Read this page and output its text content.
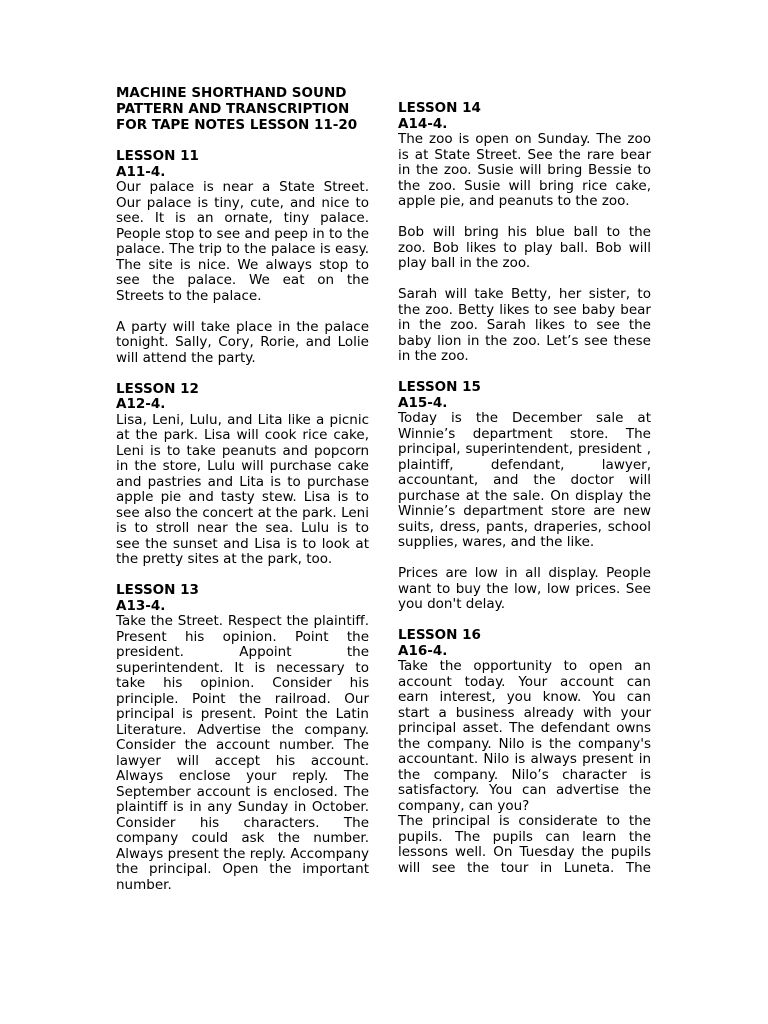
MACHINE SHORTHAND SOUND PATTERN AND TRANSCRIPTION FOR TAPE NOTES LESSON 11-20
LESSON 11
A11-4.

Our palace is near a State Street. Our palace is tiny, cute, and nice to see. It is an ornate, tiny palace. People stop to see and peep in to the palace. The trip to the palace is easy. The site is nice. We always stop to see the palace. We eat on the Streets to the palace.

A party will take place in the palace tonight. Sally, Cory, Rorie, and Lolie will attend the party.

LESSON 12
A12-4.

Lisa, Leni, Lulu, and Lita like a picnic at the park. Lisa will cook rice cake, Leni is to take peanuts and popcorn in the store, Lulu will purchase cake and pastries and Lita is to purchase apple pie and tasty stew. Lisa is to see also the concert at the park. Leni is to stroll near the sea. Lulu is to see the sunset and Lisa is to look at the pretty sites at the park, too.

LESSON 13
A13-4.

Take the Street. Respect the plaintiff. Present his opinion. Point the president. Appoint the superintendent. It is necessary to take his opinion. Consider his principle. Point the railroad. Our principal is present. Point the Latin Literature. Advertise the company. Consider the account number. The lawyer will accept his account. Always enclose your reply. The September account is enclosed. The plaintiff is in any Sunday in October. Consider his characters. The company could ask the number. Always present the reply. Accompany the principal. Open the important number.

LESSON 14
A14-4.

The zoo is open on Sunday. The zoo is at State Street. See the rare bear in the zoo. Susie will bring Bessie to the zoo. Susie will bring rice cake, apple pie, and peanuts to the zoo.

Bob will bring his blue ball to the zoo. Bob likes to play ball. Bob will play ball in the zoo.

Sarah will take Betty, her sister, to the zoo. Betty likes to see baby bear in the zoo. Sarah likes to see the baby lion in the zoo. Let’s see these in the zoo.

LESSON 15
A15-4.

Today is the December sale at Winnie’s department store. The principal, superintendent, president , plaintiff, defendant, lawyer, accountant, and the doctor will purchase at the sale. On display the Winnie’s department store are new suits, dress, pants, draperies, school supplies, wares, and the like.

Prices are low in all display. People want to buy the low, low prices. See you don't delay.

LESSON 16
A16-4.

Take the opportunity to open an account today. Your account can earn interest, you know. You can start a business already with your principal asset. The defendant owns the company. Nilo is the company's accountant. Nilo is always present in the company. Nilo’s character is satisfactory. You can advertise the company, can you?

The principal is considerate to the pupils. The pupils can learn the lessons well. On Tuesday the pupils will see the tour in Luneta. The
